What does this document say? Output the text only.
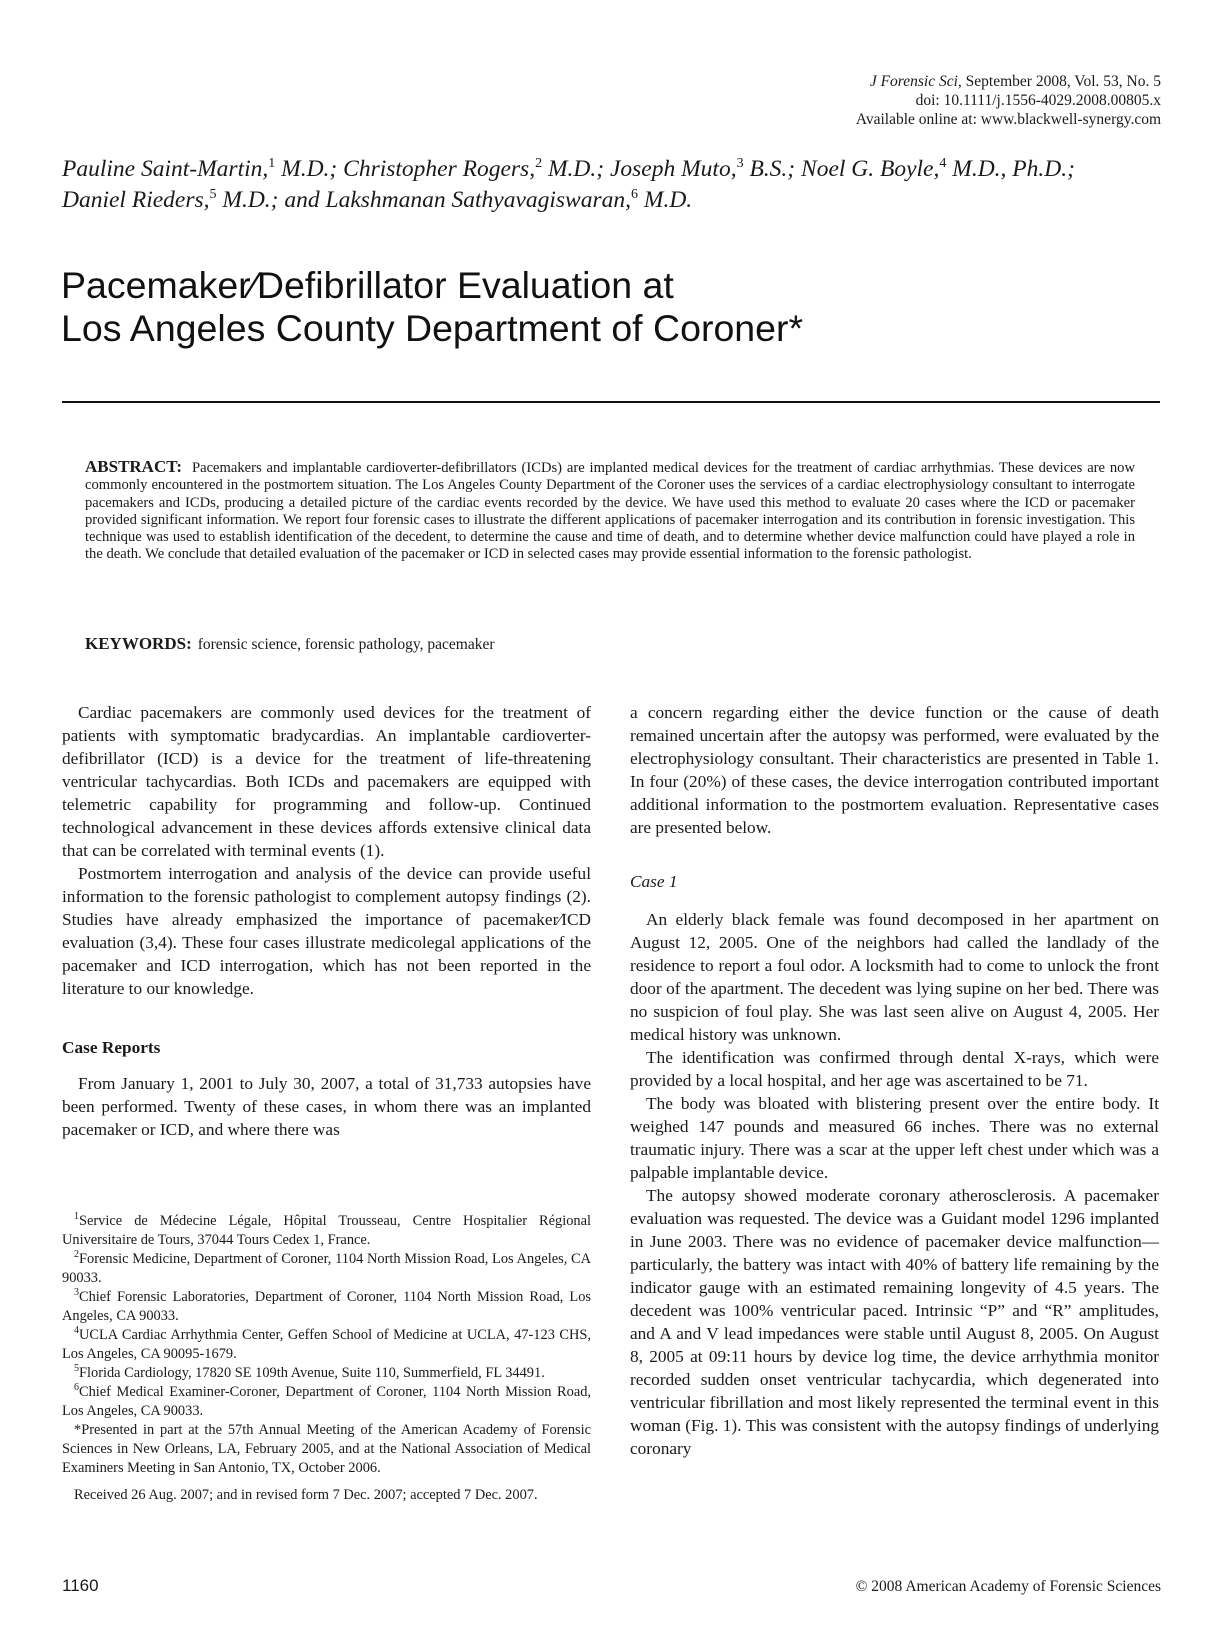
J Forensic Sci, September 2008, Vol. 53, No. 5
doi: 10.1111/j.1556-4029.2008.00805.x
Available online at: www.blackwell-synergy.com
Pauline Saint-Martin,$^1$ M.D.; Christopher Rogers,$^2$ M.D.; Joseph Muto,$^3$ B.S.; Noel G. Boyle,$^4$ M.D., Ph.D.;
Daniel Rieders,$^5$ M.D.; and Lakshmanan Sathyavagiswaran,$^6$ M.D.
Pacemaker∕Defibrillator Evaluation at
Los Angeles County Department of Coroner*
ABSTRACT: Pacemakers and implantable cardioverter-defibrillators (ICDs) are implanted medical devices for the treatment of cardiac arrhythmias. These devices are now commonly encountered in the postmortem situation. The Los Angeles County Department of the Coroner uses the services of a cardiac electrophysiology consultant to interrogate pacemakers and ICDs, producing a detailed picture of the cardiac events recorded by the device. We have used this method to evaluate 20 cases where the ICD or pacemaker provided significant information. We report four forensic cases to illustrate the different applications of pacemaker interrogation and its contribution in forensic investigation. This technique was used to establish identification of the decedent, to determine the cause and time of death, and to determine whether device malfunction could have played a role in the death. We conclude that detailed evaluation of the pacemaker or ICD in selected cases may provide essential information to the forensic pathologist.
KEYWORDS: forensic science, forensic pathology, pacemaker

Cardiac pacemakers are commonly used devices for the treatment of patients with symptomatic bradycardias. An implantable cardioverter-defibrillator (ICD) is a device for the treatment of life-threatening ventricular tachycardias. Both ICDs and pacemakers are equipped with telemetric capability for programming and follow-up. Continued technological advancement in these devices affords extensive clinical data that can be correlated with terminal events (1).

Postmortem interrogation and analysis of the device can provide useful information to the forensic pathologist to complement autopsy findings (2). Studies have already emphasized the importance of pacemaker∕ICD evaluation (3,4). These four cases illustrate medicolegal applications of the pacemaker and ICD interrogation, which has not been reported in the literature to our knowledge.

Case Reports

From January 1, 2001 to July 30, 2007, a total of 31,733 autopsies have been performed. Twenty of these cases, in whom there was an implanted pacemaker or ICD, and where there was

$^1$Service de Médecine Légale, Hôpital Trousseau, Centre Hospitalier Régional Universitaire de Tours, 37044 Tours Cedex 1, France.

$^2$Forensic Medicine, Department of Coroner, 1104 North Mission Road, Los Angeles, CA 90033.

$^3$Chief Forensic Laboratories, Department of Coroner, 1104 North Mission Road, Los Angeles, CA 90033.

$^4$UCLA Cardiac Arrhythmia Center, Geffen School of Medicine at UCLA, 47-123 CHS, Los Angeles, CA 90095-1679.

$^5$Florida Cardiology, 17820 SE 109th Avenue, Suite 110, Summerfield, FL 34491.

$^6$Chief Medical Examiner-Coroner, Department of Coroner, 1104 North Mission Road, Los Angeles, CA 90033.

*Presented in part at the 57th Annual Meeting of the American Academy of Forensic Sciences in New Orleans, LA, February 2005, and at the National Association of Medical Examiners Meeting in San Antonio, TX, October 2006.

Received 26 Aug. 2007; and in revised form 7 Dec. 2007; accepted 7 Dec. 2007.

a concern regarding either the device function or the cause of death remained uncertain after the autopsy was performed, were evaluated by the electrophysiology consultant. Their characteristics are presented in Table 1. In four (20%) of these cases, the device interrogation contributed important additional information to the postmortem evaluation. Representative cases are presented below.

Case 1

An elderly black female was found decomposed in her apartment on August 12, 2005. One of the neighbors had called the landlady of the residence to report a foul odor. A locksmith had to come to unlock the front door of the apartment. The decedent was lying supine on her bed. There was no suspicion of foul play. She was last seen alive on August 4, 2005. Her medical history was unknown.

The identification was confirmed through dental X-rays, which were provided by a local hospital, and her age was ascertained to be 71.

The body was bloated with blistering present over the entire body. It weighed 147 pounds and measured 66 inches. There was no external traumatic injury. There was a scar at the upper left chest under which was a palpable implantable device.

The autopsy showed moderate coronary atherosclerosis. A pacemaker evaluation was requested. The device was a Guidant model 1296 implanted in June 2003. There was no evidence of pacemaker device malfunction—particularly, the battery was intact with 40% of battery life remaining by the indicator gauge with an estimated remaining longevity of 4.5 years. The decedent was 100% ventricular paced. Intrinsic “P” and “R” amplitudes, and A and V lead impedances were stable until August 8, 2005. On August 8, 2005 at 09:11 hours by device log time, the device arrhythmia monitor recorded sudden onset ventricular tachycardia, which degenerated into ventricular fibrillation and most likely represented the terminal event in this woman (Fig. 1). This was consistent with the autopsy findings of underlying coronary

1160	© 2008 American Academy of Forensic Sciences
